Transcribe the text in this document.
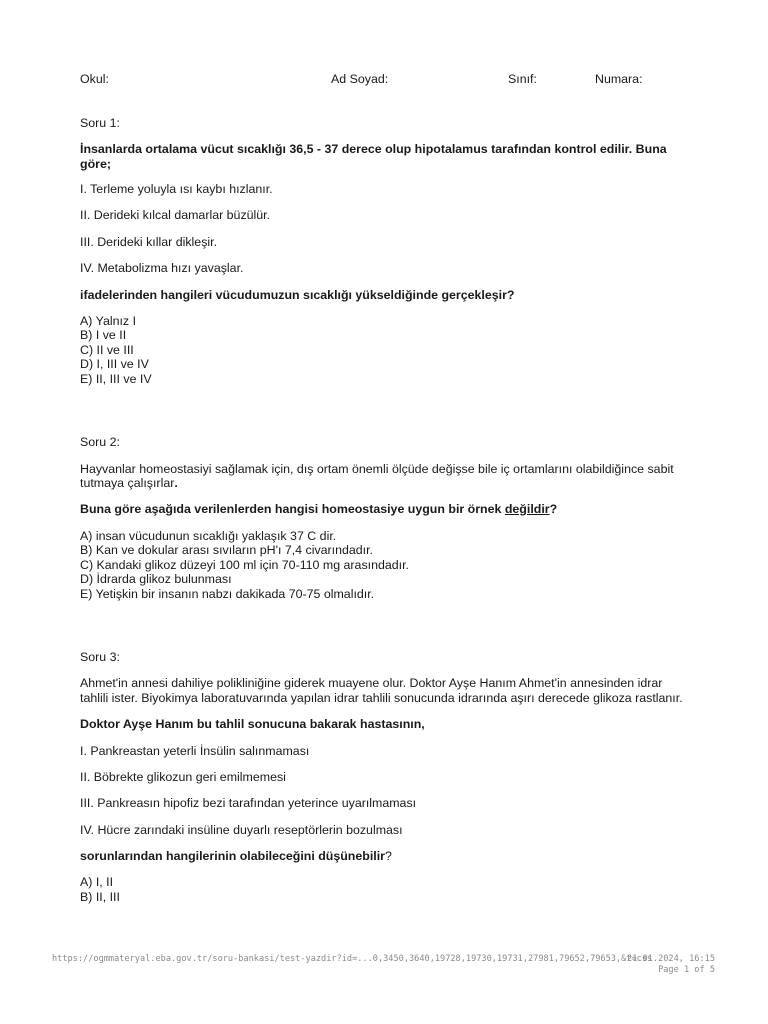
Okul:	Ad Soyad:	Sınıf:	Numara:
Soru 1:
İnsanlarda ortalama vücut sıcaklığı 36,5 - 37 derece olup hipotalamus tarafından kontrol edilir. Buna
göre;
I. Terleme yoluyla ısı kaybı hızlanır.
II. Derideki kılcal damarlar büzülür.
III. Derideki kıllar dikleşir.
IV. Metabolizma hızı yavaşlar.
ifadelerinden hangileri vücudumuzun sıcaklığı yükseldiğinde gerçekleşir?
A) Yalnız I
B) I ve II
C) II ve III
D) I, III ve IV
E) II, III ve IV
Soru 2:
Hayvanlar homeostasiyi sağlamak için, dış ortam önemli ölçüde değişse bile iç ortamlarını olabildiğince sabit
tutmaya çalışırlar.
Buna göre aşağıda verilenlerden hangisi homeostasiye uygun bir örnek değildir?
A) insan vücudunun sıcaklığı yaklaşık 37 C dir.
B) Kan ve dokular arası sıvıların pH'ı 7,4 civarındadır.
C) Kandaki glikoz düzeyi 100 ml için 70-110 mg arasındadır.
D) İdrarda glikoz bulunması
E) Yetişkin bir insanın nabzı dakikada 70-75 olmalıdır.
Soru 3:
Ahmet'in annesi dahiliye polikliniğine giderek muayene olur. Doktor Ayşe Hanım Ahmet'in annesinden idrar
tahlili ister. Biyokimya laboratuvarında yapılan idrar tahlili sonucunda idrarında aşırı derecede glikoza rastlanır.
Doktor Ayşe Hanım bu tahlil sonucuna bakarak hastasının,
I. Pankreastan yeterli İnsülin salınmaması
II. Böbrekte glikozun geri emilmemesi
III. Pankreasın hipofiz bezi tarafından yeterince uyarılmaması
IV. Hücre zarındaki insüline duyarlı reseptörlerin bozulması
sorunlarından hangilerinin olabileceğini düşünebilir?
A) I, II
B) II, III
https://ogmmateryal.eba.gov.tr/soru-bankasi/test-yazdir?id=...0,3450,3640,19728,19730,19731,27981,79652,79653,&t=css
21.01.2024, 16:15
Page 1 of 5
